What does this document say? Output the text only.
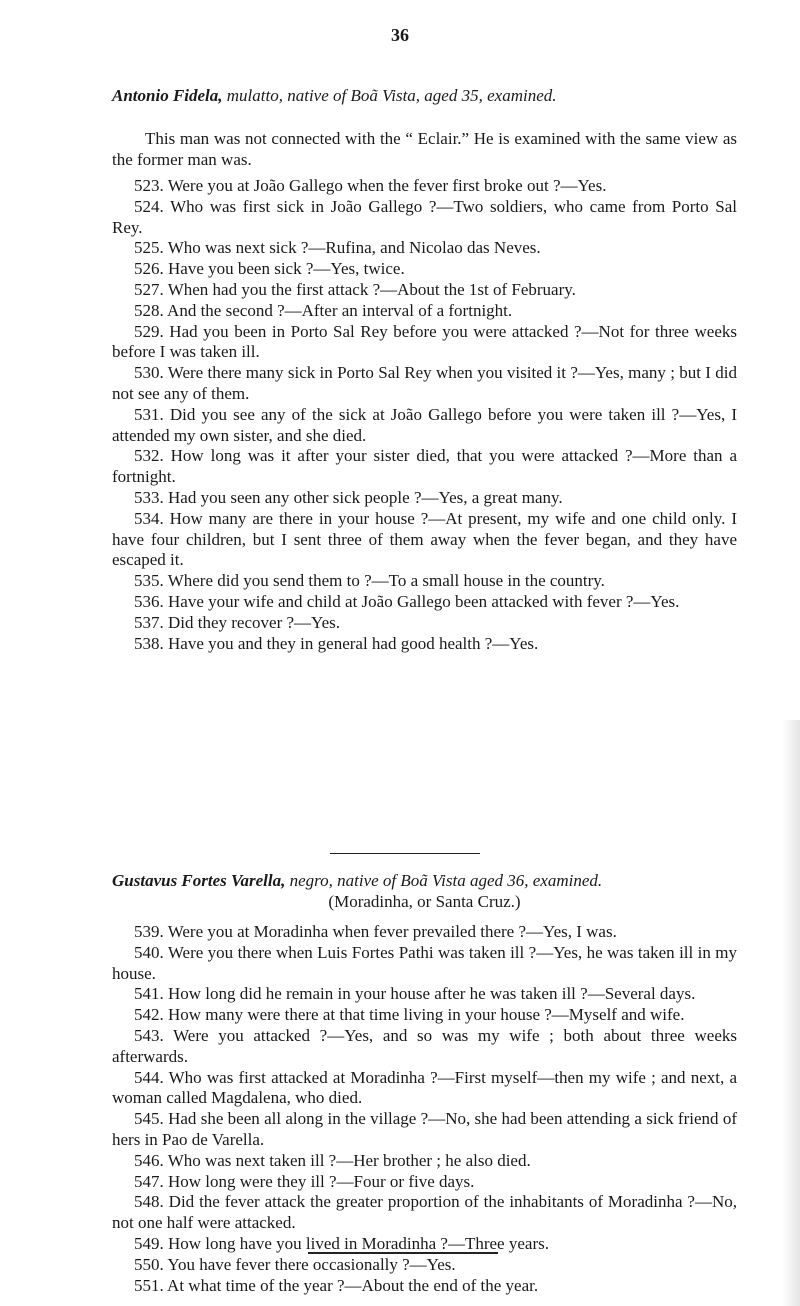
36

Antonio Fidela, mulatto, native of Boã Vista, aged 35, examined.

This man was not connected with the “ Eclair.” He is examined with the same view as the former man was.

523. Were you at João Gallego when the fever first broke out ?—Yes.

524. Who was first sick in João Gallego ?—Two soldiers, who came from Porto Sal Rey.

525. Who was next sick ?—Rufina, and Nicolao das Neves.

526. Have you been sick ?—Yes, twice.

527. When had you the first attack ?—About the 1st of February.

528. And the second ?—After an interval of a fortnight.

529. Had you been in Porto Sal Rey before you were attacked ?—Not for three weeks before I was taken ill.

530. Were there many sick in Porto Sal Rey when you visited it ?—Yes, many ; but I did not see any of them.

531. Did you see any of the sick at João Gallego before you were taken ill ?—Yes, I attended my own sister, and she died.

532. How long was it after your sister died, that you were attacked ?—More than a fortnight.

533. Had you seen any other sick people ?—Yes, a great many.

534. How many are there in your house ?—At present, my wife and one child only. I have four children, but I sent three of them away when the fever began, and they have escaped it.

535. Where did you send them to ?—To a small house in the country.

536. Have your wife and child at João Gallego been attacked with fever ?—Yes.

537. Did they recover ?—Yes.

538. Have you and they in general had good health ?—Yes.

Gustavus Fortes Varella, negro, native of Boã Vista aged 36, examined.

(Moradinha, or Santa Cruz.)

539. Were you at Moradinha when fever prevailed there ?—Yes, I was.

540. Were you there when Luis Fortes Pathi was taken ill ?—Yes, he was taken ill in my house.

541. How long did he remain in your house after he was taken ill ?—Several days.

542. How many were there at that time living in your house ?—Myself and wife.

543. Were you attacked ?—Yes, and so was my wife ; both about three weeks afterwards.

544. Who was first attacked at Moradinha ?—First myself—then my wife ; and next, a woman called Magdalena, who died.

545. Had she been all along in the village ?—No, she had been attending a sick friend of hers in Pao de Varella.

546. Who was next taken ill ?—Her brother ; he also died.

547. How long were they ill ?—Four or five days.

548. Did the fever attack the greater proportion of the inhabitants of Moradinha ?—No, not one half were attacked.

549. How long have you lived in Moradinha ?—Three years.

550. You have fever there occasionally ?—Yes.

551. At what time of the year ?—About the end of the year.
